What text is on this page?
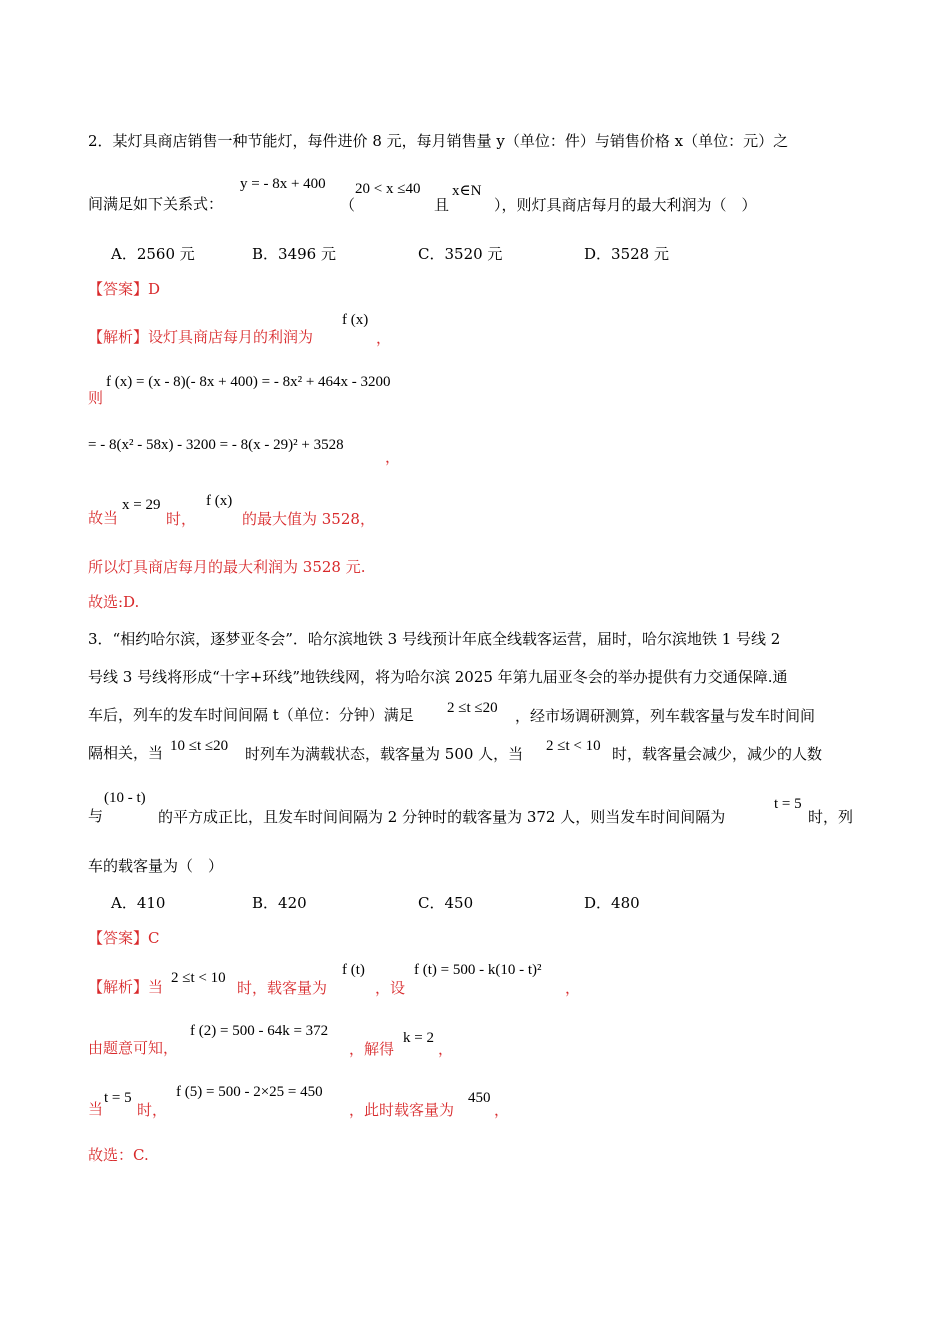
2．某灯具商店销售一种节能灯，每件进价 8 元，每月销售量 y（单位：件）与销售价格 x（单位：元）之
间满足如下关系式：
y = - 8x + 400
（
20 < x ≤40
且
x∈N
），则灯具商店每月的最大利润为（　）
A．2560 元	B．3496 元	C．3520 元	D．3528 元
【答案】D
【解析】设灯具商店每月的利润为
f (x)
，
则
f (x) = (x - 8)(- 8x + 400) = - 8x² + 464x - 3200
= - 8(x² - 58x) - 3200 = - 8(x - 29)² + 3528
，
故当
x = 29
时，
f (x)
的最大值为 3528，
所以灯具商店每月的最大利润为 3528 元.
故选:D.
3．“相约哈尔滨，逐梦亚冬会”．哈尔滨地铁 3 号线预计年底全线载客运营，届时，哈尔滨地铁 1 号线 2
号线 3 号线将形成“十字+环线”地铁线网，将为哈尔滨 2025 年第九届亚冬会的举办提供有力交通保障.通
车后，列车的发车时间间隔 t（单位：分钟）满足 2 ≤t ≤20 ，经市场调研测算，列车载客量与发车时间间
隔相关，当 10 ≤t ≤20 时列车为满载状态，载客量为 500 人，当 2 ≤t < 10 时，载客量会减少，减少的人数
与
(10 - t)
的平方成正比，且发车时间间隔为 2 分钟时的载客量为 372 人，则当发车时间间隔为
t = 5
时，列
车的载客量为（　）
A．410	B．420	C．450	D．480
【答案】C
【解析】当 2 ≤t < 10
时，载客量为
f (t)
，设
f (t) = 500 - k(10 - t)²
，
由题意可知，
f (2) = 500 - 64k = 372
，解得
k = 2
，
当
t = 5
时，
f (5) = 500 - 2×25 = 450
，此时载客量为
450
，
故选：C.
